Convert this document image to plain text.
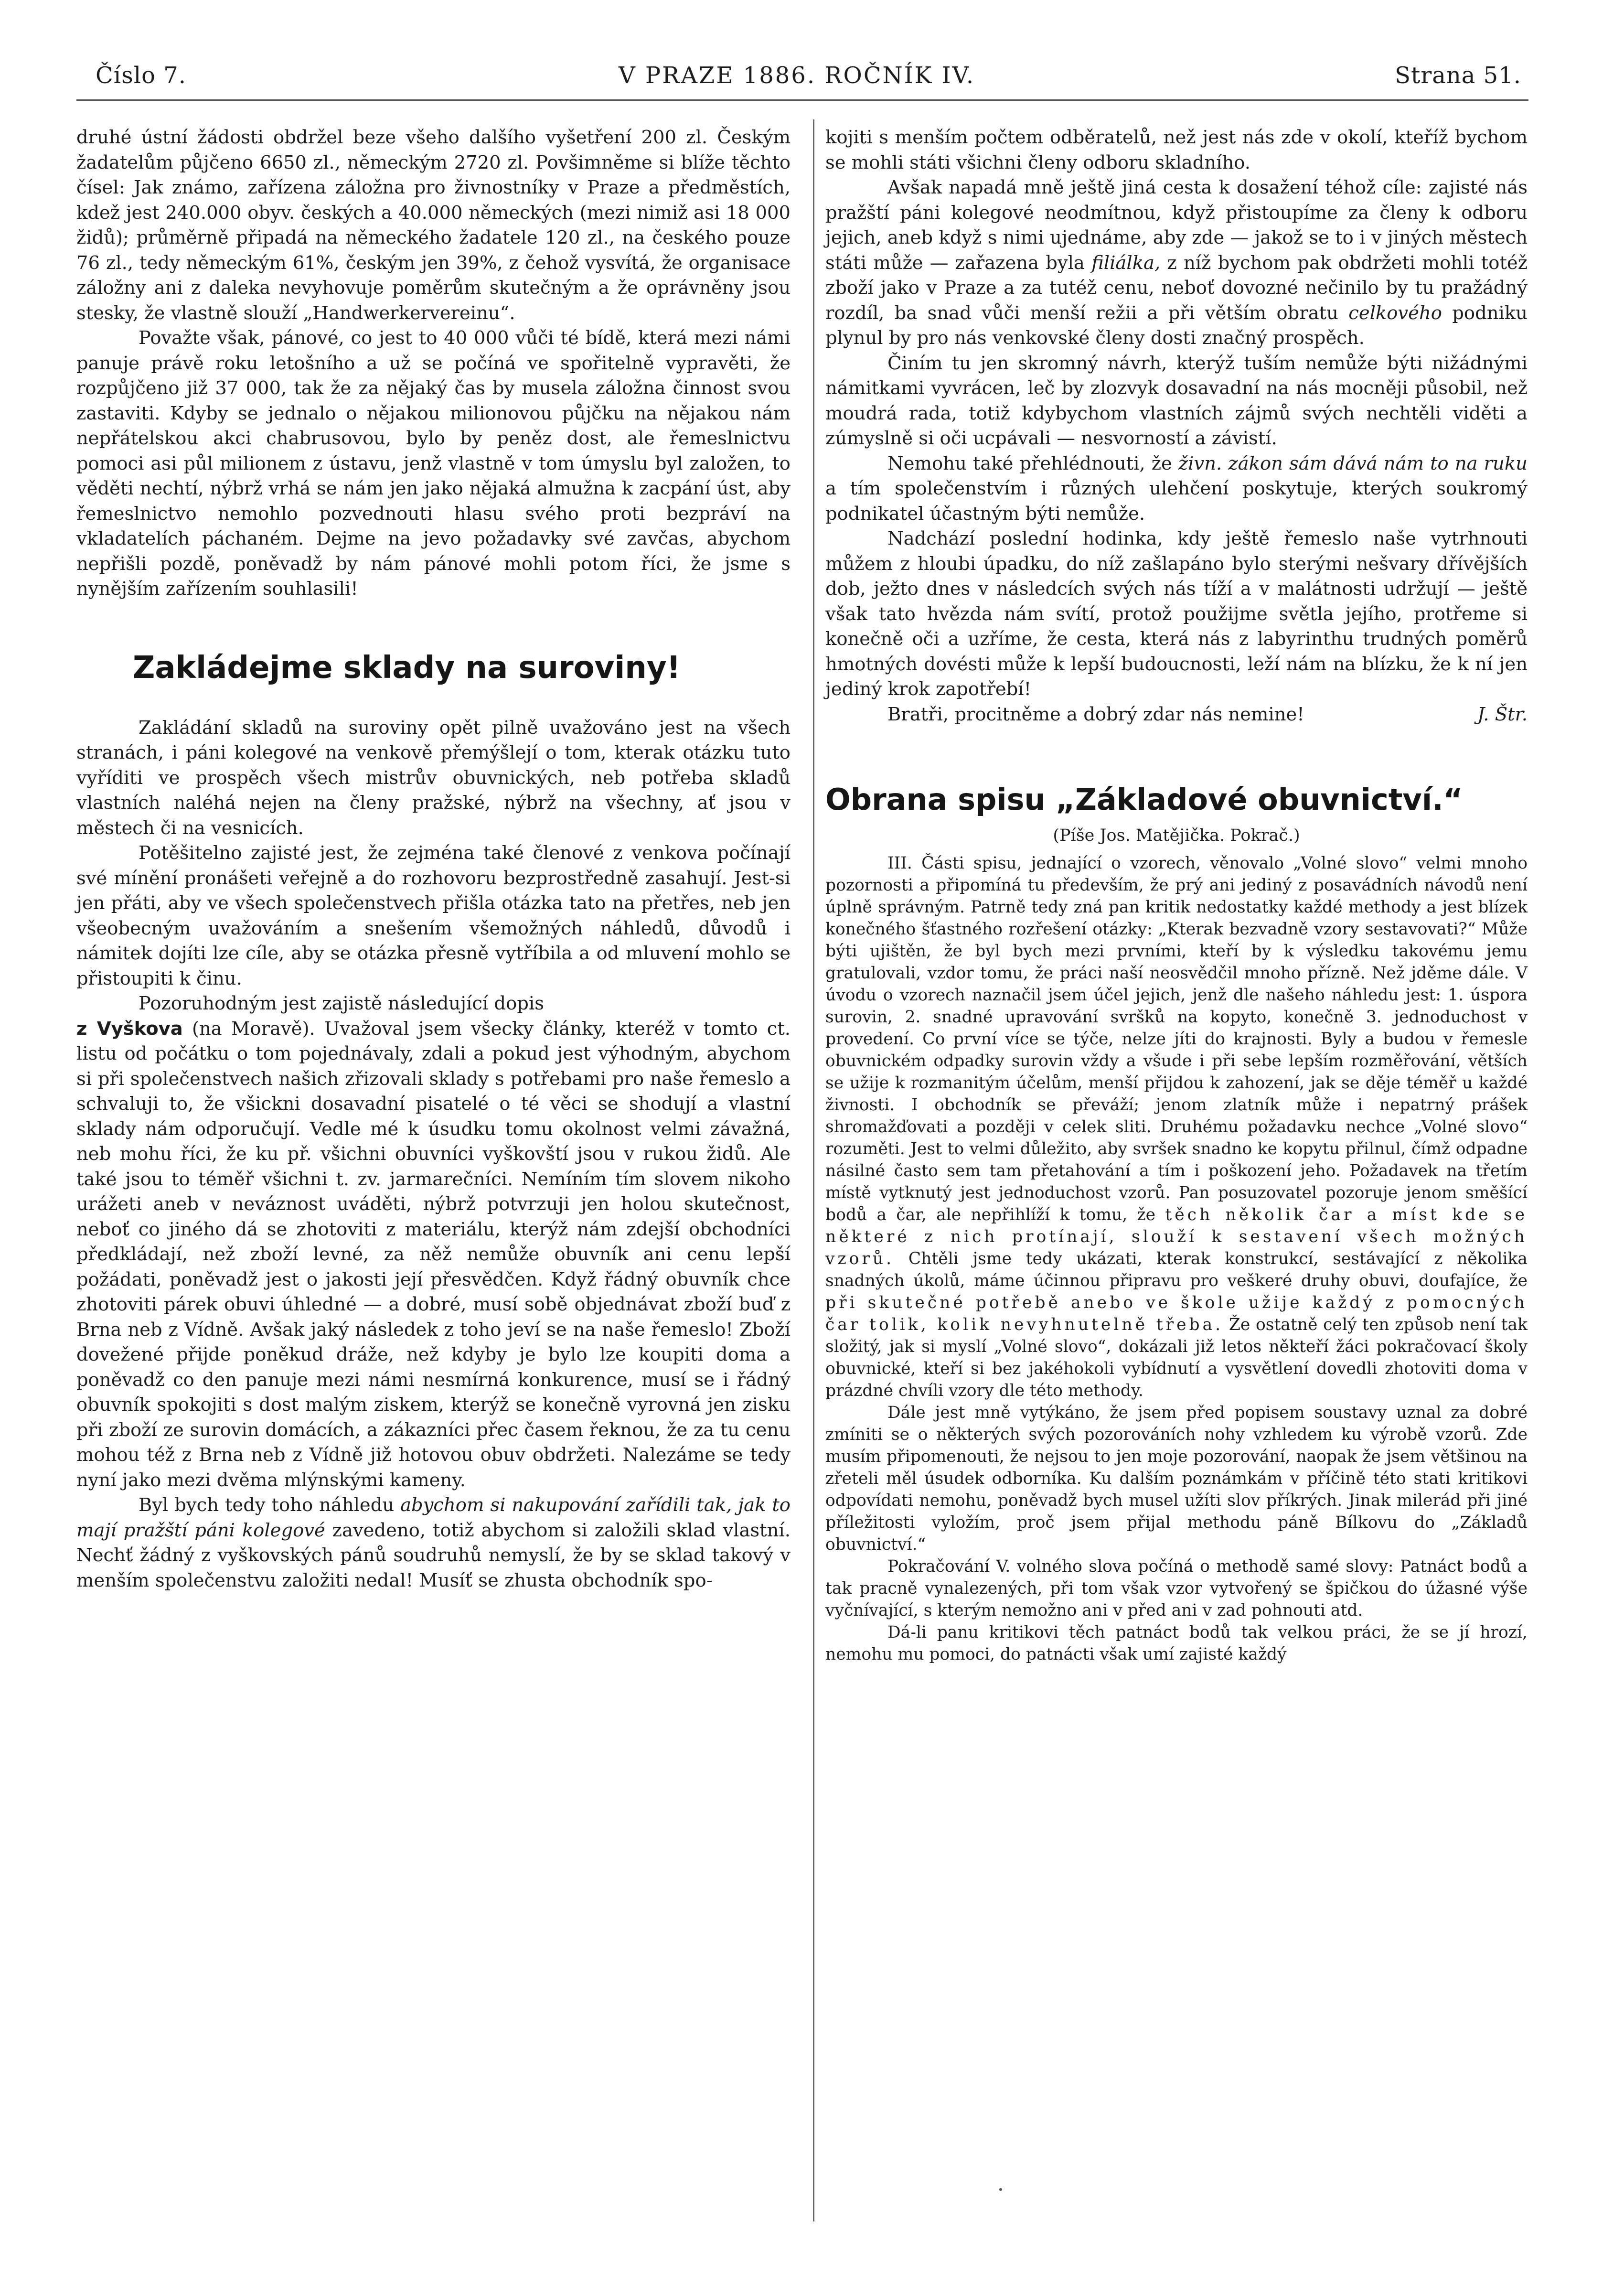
Číslo 7.	V PRAZE 1886. ROČNÍK IV.	Strana 51.

druhé ústní žádosti obdržel beze všeho dalšího vyšetření 200 zl. Českým žadatelům půjčeno 6650 zl., německým 2720 zl. Povšimněme si blíže těchto čísel: Jak známo, zařízena záložna pro živnostníky v Praze a předměstích, kdež jest 240.000 obyv. českých a 40.000 německých (mezi nimiž asi 18 000 židů); průměrně připadá na německého žadatele 120 zl., na českého pouze 76 zl., tedy německým 61%, českým jen 39%, z čehož vysvítá, že organisace záložny ani z daleka nevyhovuje poměrům skutečným a že oprávněny jsou stesky, že vlastně slouží „Handwerkervereinu“.

Považte však, pánové, co jest to 40 000 vůči té bídě, která mezi námi panuje právě roku letošního a už se počíná ve spořitelně vypravěti, že rozpůjčeno již 37 000, tak že za nějaký čas by musela záložna činnost svou zastaviti. Kdyby se jednalo o nějakou milionovou půjčku na nějakou nám nepřátelskou akci chabrusovou, bylo by peněz dost, ale řemeslnictvu pomoci asi půl milionem z ústavu, jenž vlastně v tom úmyslu byl založen, to věděti nechtí, nýbrž vrhá se nám jen jako nějaká almužna k zacpání úst, aby řemeslnictvo nemohlo pozvednouti hlasu svého proti bezpráví na vkladatelích páchaném. Dejme na jevo požadavky své zavčas, abychom nepřišli pozdě, poněvadž by nám pánové mohli potom říci, že jsme s nynějším zařízením souhlasili!

Zakládejme sklady na suroviny!

Zakládání skladů na suroviny opět pilně uvažováno jest na všech stranách, i páni kolegové na venkově přemýšlejí o tom, kterak otázku tuto vyříditi ve prospěch všech mistrův obuvnických, neb potřeba skladů vlastních naléhá nejen na členy pražské, nýbrž na všechny, ať jsou v městech či na vesnicích.

Potěšitelno zajisté jest, že zejména také členové z venkova počínají své mínění pronášeti veřejně a do rozhovoru bezprostředně zasahují. Jest-si jen přáti, aby ve všech společenstvech přišla otázka tato na přetřes, neb jen všeobecným uvažováním a snešením všemožných náhledů, důvodů i námitek dojíti lze cíle, aby se otázka přesně vytříbila a od mluvení mohlo se přistoupiti k činu.

Pozoruhodným jest zajistě následující dopis

z Vyškova (na Moravě). Uvažoval jsem všecky články, kteréž v tomto ct. listu od počátku o tom pojednávaly, zdali a pokud jest výhodným, abychom si při společenstvech našich zřizovali sklady s potřebami pro naše řemeslo a schvaluji to, že všickni dosavadní pisatelé o té věci se shodují a vlastní sklady nám odporučují. Vedle mé k úsudku tomu okolnost velmi závažná, neb mohu říci, že ku př. všichni obuvníci vyškovští jsou v rukou židů. Ale také jsou to téměř všichni t. zv. jarmarečníci. Nemíním tím slovem nikoho urážeti aneb v neváznost uváděti, nýbrž potvrzuji jen holou skutečnost, neboť co jiného dá se zhotoviti z materiálu, kterýž nám zdejší obchodníci předkládají, než zboží levné, za něž nemůže obuvník ani cenu lepší požádati, poněvadž jest o jakosti její přesvědčen. Když řádný obuvník chce zhotoviti párek obuvi úhledné — a dobré, musí sobě objednávat zboží buď z Brna neb z Vídně. Avšak jaký následek z toho jeví se na naše řemeslo! Zboží dovežené přijde poněkud dráže, než kdyby je bylo lze koupiti doma a poněvadž co den panuje mezi námi nesmírná konkurence, musí se i řádný obuvník spokojiti s dost malým ziskem, kterýž se konečně vyrovná jen zisku při zboží ze surovin domácích, a zákazníci přec časem řeknou, že za tu cenu mohou též z Brna neb z Vídně již hotovou obuv obdržeti. Nalezáme se tedy nyní jako mezi dvěma mlýnskými kameny.

Byl bych tedy toho náhledu abychom si nakupování zařídili tak, jak to mají pražští páni kolegové zavedeno, totiž abychom si založili sklad vlastní. Nechť žádný z vyškovských pánů soudruhů nemyslí, že by se sklad takový v menším společenstvu založiti nedal! Musíť se zhusta obchodník spo-

kojiti s menším počtem odběratelů, než jest nás zde v okolí, kteříž bychom se mohli státi všichni členy odboru skladního.

Avšak napadá mně ještě jiná cesta k dosažení téhož cíle: zajisté nás pražští páni kolegové neodmítnou, když přistoupíme za členy k odboru jejich, aneb když s nimi ujednáme, aby zde — jakož se to i v jiných městech státi může — zařazena byla filiálka, z níž bychom pak obdržeti mohli totéž zboží jako v Praze a za tutéž cenu, neboť dovozné nečinilo by tu pražádný rozdíl, ba snad vůči menší režii a při větším obratu celkového podniku plynul by pro nás venkovské členy dosti značný prospěch.

Činím tu jen skromný návrh, kterýž tuším nemůže býti nižádnými námitkami vyvrácen, leč by zlozvyk dosavadní na nás mocněji působil, než moudrá rada, totiž kdybychom vlastních zájmů svých nechtěli viděti a zúmyslně si oči ucpávali — nesvorností a závistí.

Nemohu také přehlédnouti, že živn. zákon sám dává nám to na ruku a tím společenstvím i různých ulehčení poskytuje, kterých soukromý podnikatel účastným býti nemůže.

Nadchází poslední hodinka, kdy ještě řemeslo naše vytrhnouti můžem z hloubi úpadku, do níž zašlapáno bylo sterými nešvary dřívějších dob, ježto dnes v následcích svých nás tíží a v malátnosti udržují — ještě však tato hvězda nám svítí, protož použijme světla jejího, protřeme si konečně oči a uzříme, že cesta, která nás z labyrinthu trudných poměrů hmotných dovésti může k lepší budoucnosti, leží nám na blízku, že k ní jen jediný krok zapotřebí!

Bratři, procitněme a dobrý zdar nás nemine!	J. Štr.

Obrana spisu „Základové obuvnictví.“
(Píše Jos. Matějička. Pokrač.)

III. Části spisu, jednající o vzorech, věnovalo „Volné slovo“ velmi mnoho pozornosti a připomíná tu především, že prý ani jediný z posavádních návodů není úplně správným. Patrně tedy zná pan kritik nedostatky každé methody a jest blízek konečného šťastného rozřešení otázky: „Kterak bezvadně vzory sestavovati?“ Může býti ujištěn, že byl bych mezi prvními, kteří by k výsledku takovému jemu gratulovali, vzdor tomu, že práci naší neosvědčil mnoho přízně. Než jděme dále. V úvodu o vzorech naznačil jsem účel jejich, jenž dle našeho náhledu jest: 1. úspora surovin, 2. snadné upravování svršků na kopyto, konečně 3. jednoduchost v provedení. Co první více se týče, nelze jíti do krajnosti. Byly a budou v řemesle obuvnickém odpadky surovin vždy a všude i při sebe lepším rozměřování, větších se užije k rozmanitým účelům, menší přijdou k zahození, jak se děje téměř u každé živnosti. I obchodník se převáží; jenom zlatník může i nepatrný prášek shromažďovati a později v celek sliti. Druhému požadavku nechce „Volné slovo“ rozuměti. Jest to velmi důležito, aby svršek snadno ke kopytu přilnul, čímž odpadne násilné často sem tam přetahování a tím i poškození jeho. Požadavek na třetím místě vytknutý jest jednoduchost vzorů. Pan posuzovatel pozoruje jenom směšící bodů a čar, ale nepřihlíží k tomu, že těch několik čar a míst kde se některé z nich protínají, slouží k sestavení všech možných vzorů. Chtěli jsme tedy ukázati, kterak konstrukcí, sestávající z několika snadných úkolů, máme účinnou připravu pro veškeré druhy obuvi, doufajíce, že při skutečné potřebě anebo ve škole užije každý z pomocných čar tolik, kolik nevyhnutelně třeba. Že ostatně celý ten způsob není tak složitý, jak si myslí „Volné slovo“, dokázali již letos někteří žáci pokračovací školy obuvnické, kteří si bez jakéhokoli vybídnutí a vysvětlení dovedli zhotoviti doma v prázdné chvíli vzory dle této methody.

Dále jest mně vytýkáno, že jsem před popisem soustavy uznal za dobré zmíniti se o některých svých pozorováních nohy vzhledem ku výrobě vzorů. Zde musím připomenouti, že nejsou to jen moje pozorování, naopak že jsem většinou na zřeteli měl úsudek odborníka. Ku dalším poznámkám v příčině této stati kritikovi odpovídati nemohu, poněvadž bych musel užíti slov příkrých. Jinak milerád při jiné příležitosti vyložím, proč jsem přijal methodu páně Bílkovu do „Základů obuvnictví.“

Pokračování V. volného slova počíná o methodě samé slovy: Patnáct bodů a tak pracně vynalezených, při tom však vzor vytvořený se špičkou do úžasné výše vyčnívající, s kterým nemožno ani v před ani v zad pohnouti atd.

Dá-li panu kritikovi těch patnáct bodů tak velkou práci, že se jí hrozí, nemohu mu pomoci, do patnácti však umí zajisté každý
